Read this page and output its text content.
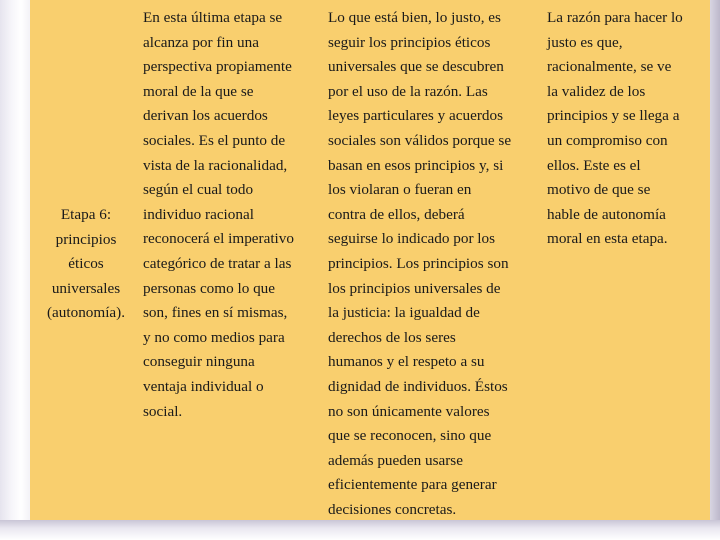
Etapa 6:
principios
éticos
universales
(autonomía).
En esta última etapa se
alcanza por fin una
perspectiva propiamente
moral de la que se
derivan los acuerdos
sociales. Es el punto de
vista de la racionalidad,
según el cual todo
individuo racional
reconocerá el imperativo
categórico de tratar a las
personas como lo que
son, fines en sí mismas,
y no como medios para
conseguir ninguna
ventaja individual o
social.
Lo que está bien, lo justo, es
seguir los principios éticos
universales que se descubren
por el uso de la razón. Las
leyes particulares y acuerdos
sociales son válidos porque se
basan en esos principios y, si
los violaran o fueran en
contra de ellos, deberá
seguirse lo indicado por los
principios. Los principios son
los principios universales de
la justicia: la igualdad de
derechos de los seres
humanos y el respeto a su
dignidad de individuos. Éstos
no son únicamente valores
que se reconocen, sino que
además pueden usarse
eficientemente para generar
decisiones concretas.
La razón para hacer lo
justo es que,
racionalmente, se ve
la validez de los
principios y se llega a
un compromiso con
ellos. Este es el
motivo de que se
hable de autonomía
moral en esta etapa.
